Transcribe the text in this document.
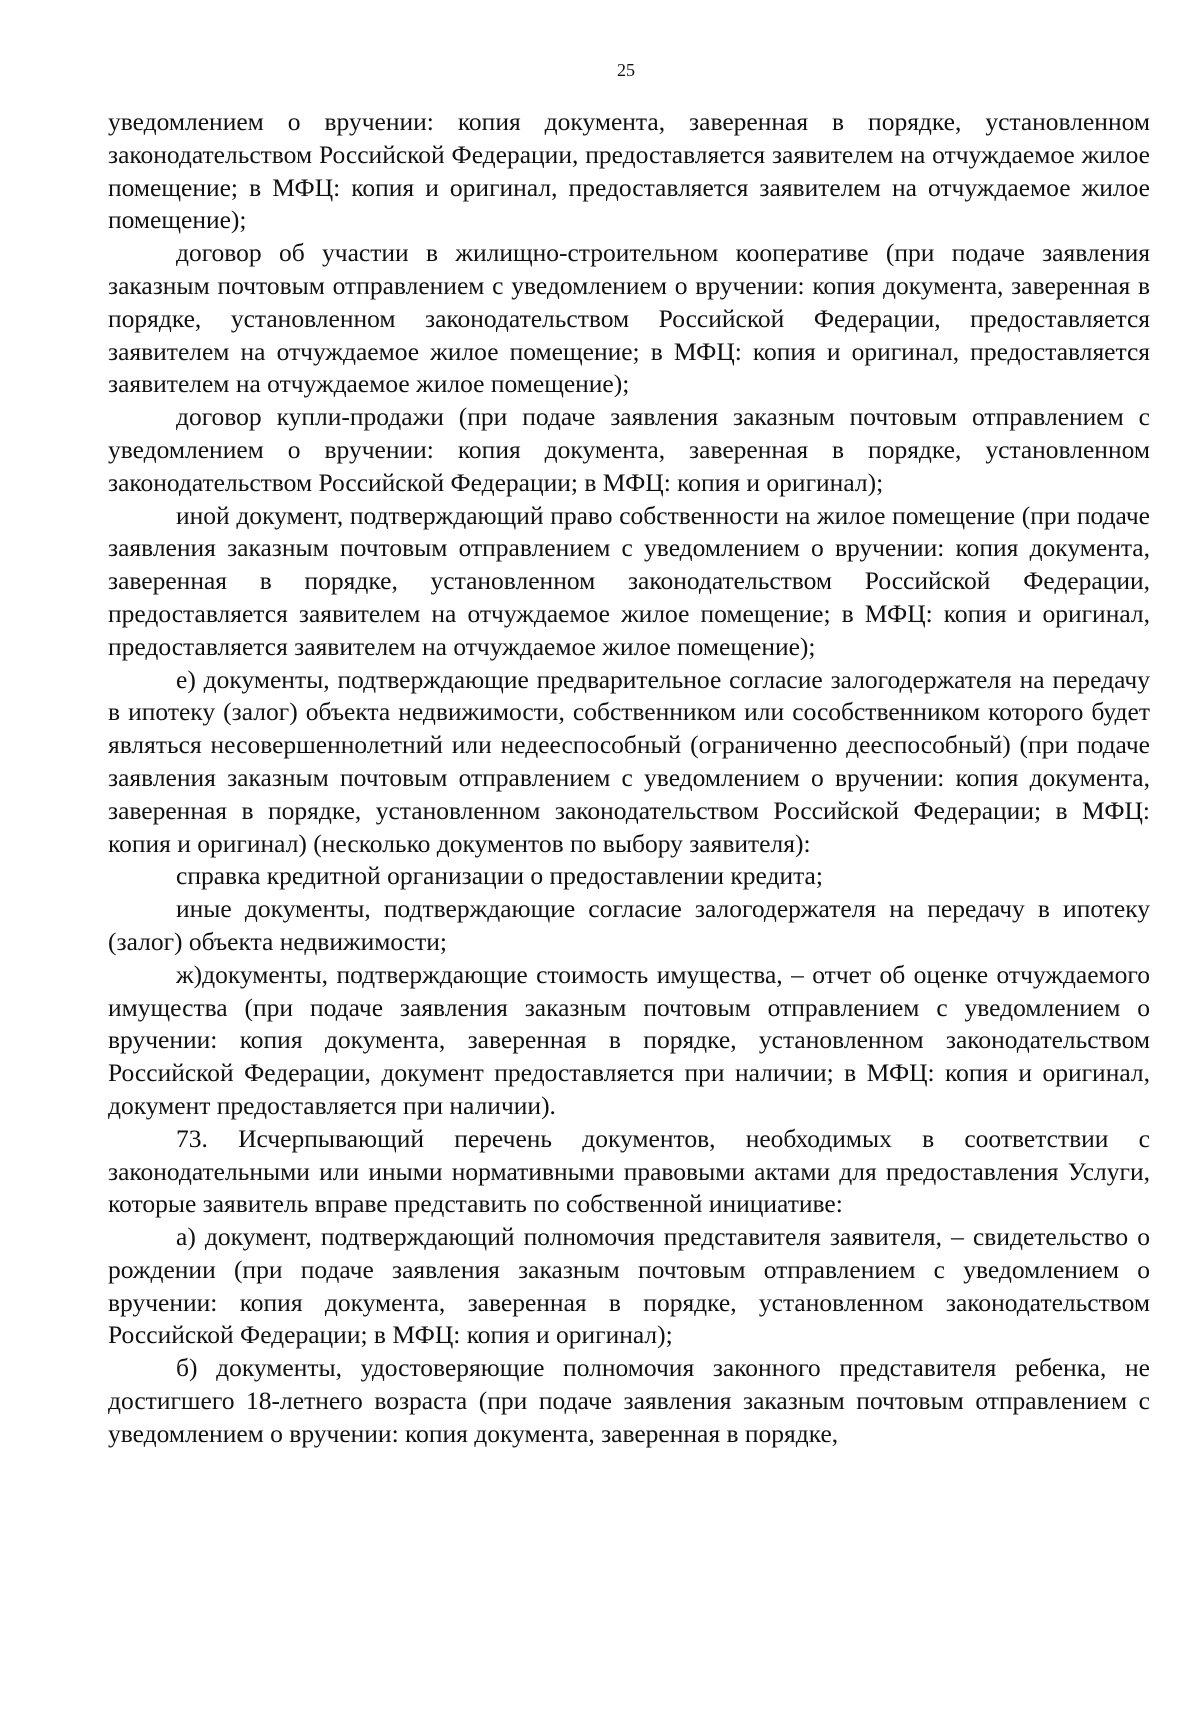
25

уведомлением о вручении: копия документа, заверенная в порядке, установленном законодательством Российской Федерации, предоставляется заявителем на отчуждаемое жилое помещение; в МФЦ: копия и оригинал, предоставляется заявителем на отчуждаемое жилое помещение);

договор об участии в жилищно-строительном кооперативе (при подаче заявления заказным почтовым отправлением с уведомлением о вручении: копия документа, заверенная в порядке, установленном законодательством Российской Федерации, предоставляется заявителем на отчуждаемое жилое помещение; в МФЦ: копия и оригинал, предоставляется заявителем на отчуждаемое жилое помещение);

договор купли-продажи (при подаче заявления заказным почтовым отправлением с уведомлением о вручении: копия документа, заверенная в порядке, установленном законодательством Российской Федерации; в МФЦ: копия и оригинал);

иной документ, подтверждающий право собственности на жилое помещение (при подаче заявления заказным почтовым отправлением с уведомлением о вручении: копия документа, заверенная в порядке, установленном законодательством Российской Федерации, предоставляется заявителем на отчуждаемое жилое помещение; в МФЦ: копия и оригинал, предоставляется заявителем на отчуждаемое жилое помещение);

е) документы, подтверждающие предварительное согласие залогодержателя на передачу в ипотеку (залог) объекта недвижимости, собственником или сособственником которого будет являться несовершеннолетний или недееспособный (ограниченно дееспособный) (при подаче заявления заказным почтовым отправлением с уведомлением о вручении: копия документа, заверенная в порядке, установленном законодательством Российской Федерации; в МФЦ: копия и оригинал) (несколько документов по выбору заявителя):

справка кредитной организации о предоставлении кредита;

иные документы, подтверждающие согласие залогодержателя на передачу в ипотеку (залог) объекта недвижимости;

ж)документы, подтверждающие стоимость имущества, – отчет об оценке отчуждаемого имущества (при подаче заявления заказным почтовым отправлением с уведомлением о вручении: копия документа, заверенная в порядке, установленном законодательством Российской Федерации, документ предоставляется при наличии; в МФЦ: копия и оригинал, документ предоставляется при наличии).

73. Исчерпывающий перечень документов, необходимых в соответствии с законодательными или иными нормативными правовыми актами для предоставления Услуги, которые заявитель вправе представить по собственной инициативе:

а) документ, подтверждающий полномочия представителя заявителя, – свидетельство о рождении (при подаче заявления заказным почтовым отправлением с уведомлением о вручении: копия документа, заверенная в порядке, установленном законодательством Российской Федерации; в МФЦ: копия и оригинал);

б) документы, удостоверяющие полномочия законного представителя ребенка, не достигшего 18-летнего возраста (при подаче заявления заказным почтовым отправлением с уведомлением о вручении: копия документа, заверенная в порядке,
